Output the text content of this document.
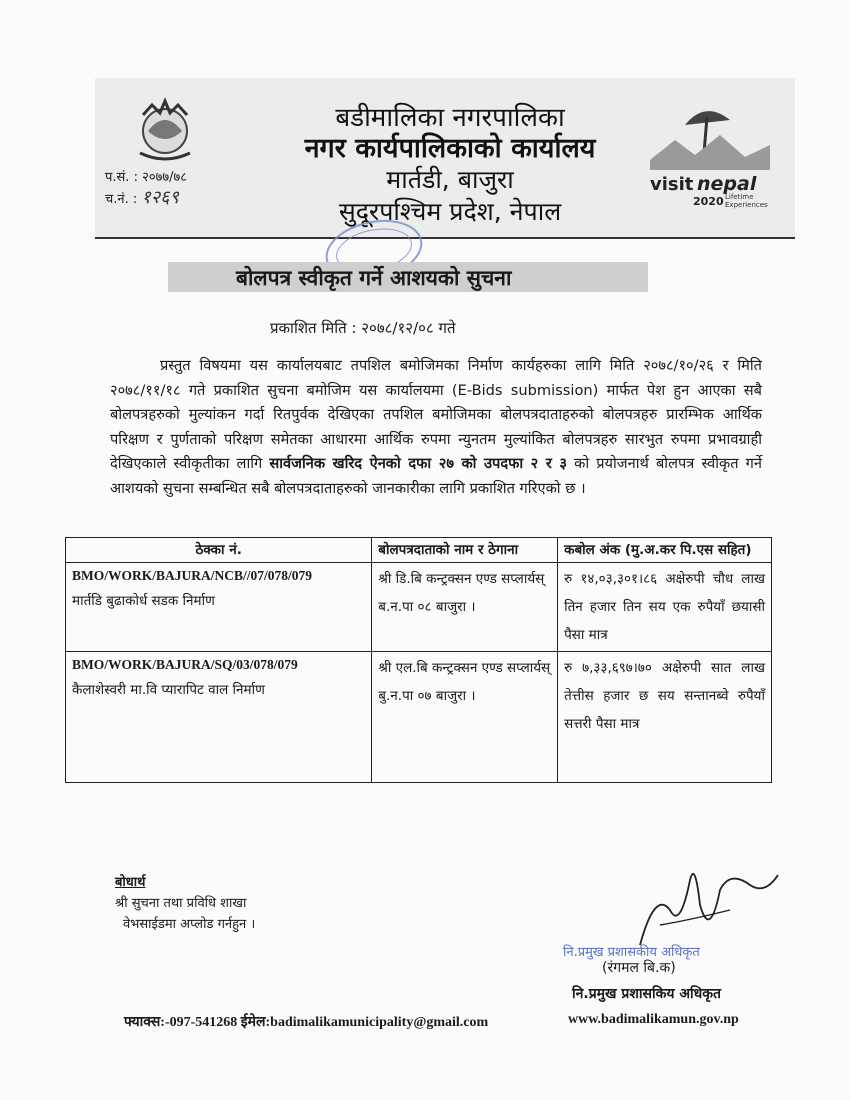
प.सं. : २०७७/७८
च.नं. : १२६९
बडीमालिका नगरपालिका
नगर कार्यपालिकाको कार्यालय
मार्तडी, बाजुरा
सुदूरपश्चिम प्रदेश, नेपाल
visit nepal
2020 Lifetime
Experiences
बोलपत्र स्वीकृत गर्ने आशयको सुचना
प्रकाशित मिति : २०७८/१२/०८ गते
प्रस्तुत विषयमा यस कार्यालयबाट तपशिल बमोजिमका निर्माण कार्यहरुका लागि मिति २०७८/१०/२६ र मिति २०७८/११/१८ गते प्रकाशित सुचना बमोजिम यस कार्यालयमा (E-Bids submission) मार्फत पेश हुन आएका सबै बोलपत्रहरुको मुल्यांकन गर्दा रितपुर्वक देखिएका तपशिल बमोजिमका बोलपत्रदाताहरुको बोलपत्रहरु प्रारम्भिक आर्थिक परिक्षण र पुर्णताको परिक्षण समेतका आधारमा आर्थिक रुपमा न्युनतम मुल्यांकित बोलपत्रहरु सारभुत रुपमा प्रभावग्राही देखिएकाले स्वीकृतीका लागि सार्वजनिक खरिद ऐनको दफा २७ को उपदफा २ र ३ को प्रयोजनार्थ बोलपत्र स्वीकृत गर्ने आशयको सुचना सम्बन्धित सबै बोलपत्रदाताहरुको जानकारीका लागि प्रकाशित गरिएको छ ।
ठेक्का नं.	बोलपत्रदाताको नाम र ठेगाना	कबोल अंक (मु.अ.कर पि.एस सहित)

BMO/WORK/BAJURA/NCB//07/078/079
मार्तडि बुढाकोर्ध सडक निर्माण	श्री डि.बि कन्ट्रक्सन एण्ड सप्लार्यस् ब.न.पा ०८ बाजुरा ।	रु १४,०३,३०१।८६ अक्षेरुपी चौध लाख तिन हजार तिन सय एक रुपैयाँ छयासी पैसा मात्र

BMO/WORK/BAJURA/SQ/03/078/079
कैलाशेस्वरी मा.वि प्यारापिट वाल निर्माण	श्री एल.बि कन्ट्रक्सन एण्ड सप्लार्यस् बु.न.पा ०७ बाजुरा ।	रु ७,३३,६९७।७० अक्षेरुपी सात लाख तेत्तीस हजार छ सय सन्तानब्वे रुपैयाँ सत्तरी पैसा मात्र
बोधार्थ
श्री सुचना तथा प्रविधि शाखा
वेभसाईडमा अप्लोड गर्नहुन ।
नि.प्रमुख प्रशासकीय अधिकृत
(रंगमल बि.क)
नि.प्रमुख प्रशासकिय अधिकृत
फ्याक्स:-097-541268 ईमेल:badimalikamunicipality@gmail.com	www.badimalikamun.gov.np
